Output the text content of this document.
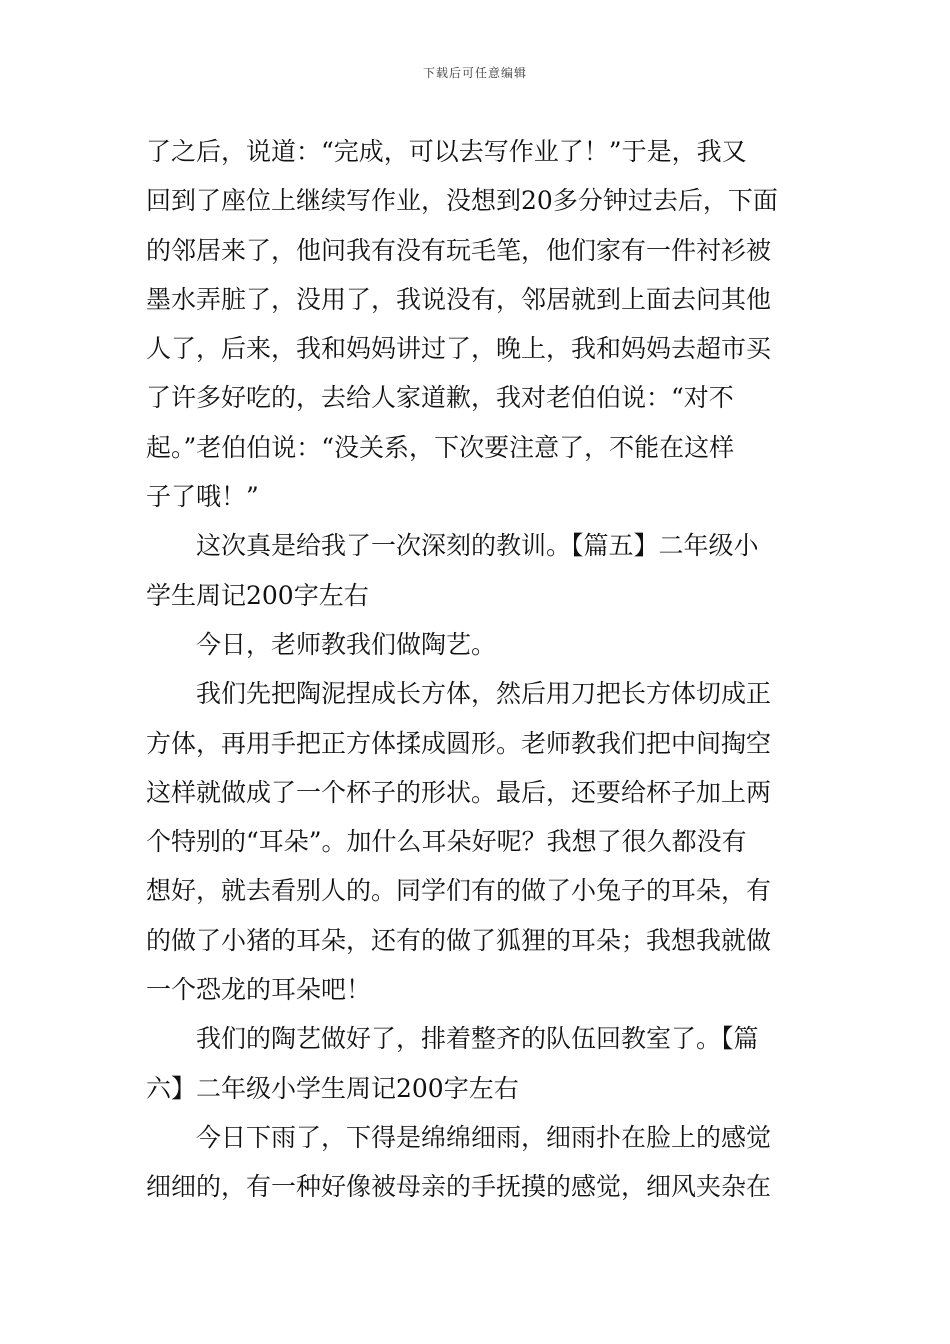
下载后可任意编辑
了之后，说道：“完成，可以去写作业了！”于是，我又
回到了座位上继续写作业，没想到20多分钟过去后，下面
的邻居来了，他问我有没有玩毛笔，他们家有一件衬衫被
墨水弄脏了，没用了，我说没有，邻居就到上面去问其他
人了，后来，我和妈妈讲过了，晚上，我和妈妈去超市买
了许多好吃的，去给人家道歉，我对老伯伯说：“对不
起。”老伯伯说：“没关系，下次要注意了，不能在这样
子了哦！”
这次真是给我了一次深刻的教训。【篇五】二年级小
学生周记200字左右
今日，老师教我们做陶艺。
我们先把陶泥捏成长方体，然后用刀把长方体切成正
方体，再用手把正方体揉成圆形。老师教我们把中间掏空
这样就做成了一个杯子的形状。最后，还要给杯子加上两
个特别的“耳朵”。加什么耳朵好呢？我想了很久都没有
想好，就去看别人的。同学们有的做了小兔子的耳朵，有
的做了小猪的耳朵，还有的做了狐狸的耳朵；我想我就做
一个恐龙的耳朵吧！
我们的陶艺做好了，排着整齐的队伍回教室了。【篇
六】二年级小学生周记200字左右
今日下雨了，下得是绵绵细雨，细雨扑在脸上的感觉
细细的，有一种好像被母亲的手抚摸的感觉，细风夹杂在
